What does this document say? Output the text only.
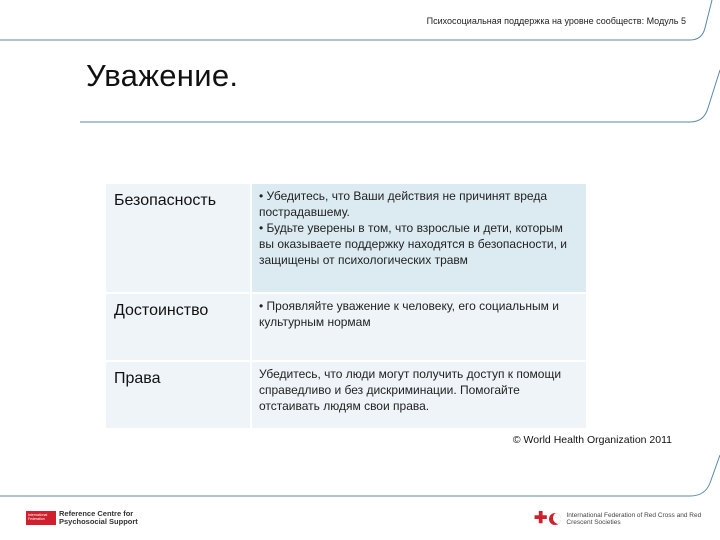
Психосоциальная поддержка на уровне сообществ: Модуль 5
Уважение.
Безопасность	• Убедитесь, что Ваши действия не причинят вреда пострадавшему.

• Будьте уверены в том, что взрослые и дети, которым вы оказываете поддержку находятся в безопасности, и защищены от психологических травм

Достоинство	• Проявляйте уважение к человеку, его социальным и культурным нормам

Права	Убедитесь, что люди могут получить доступ к помощи справедливо и без дискриминации. Помогайте отстаивать людям свои права.

© World Health Organization 2011
International Federation
Reference Centre for Psychosocial Support	✚	International Federation of Red Cross and Red Crescent Societies
